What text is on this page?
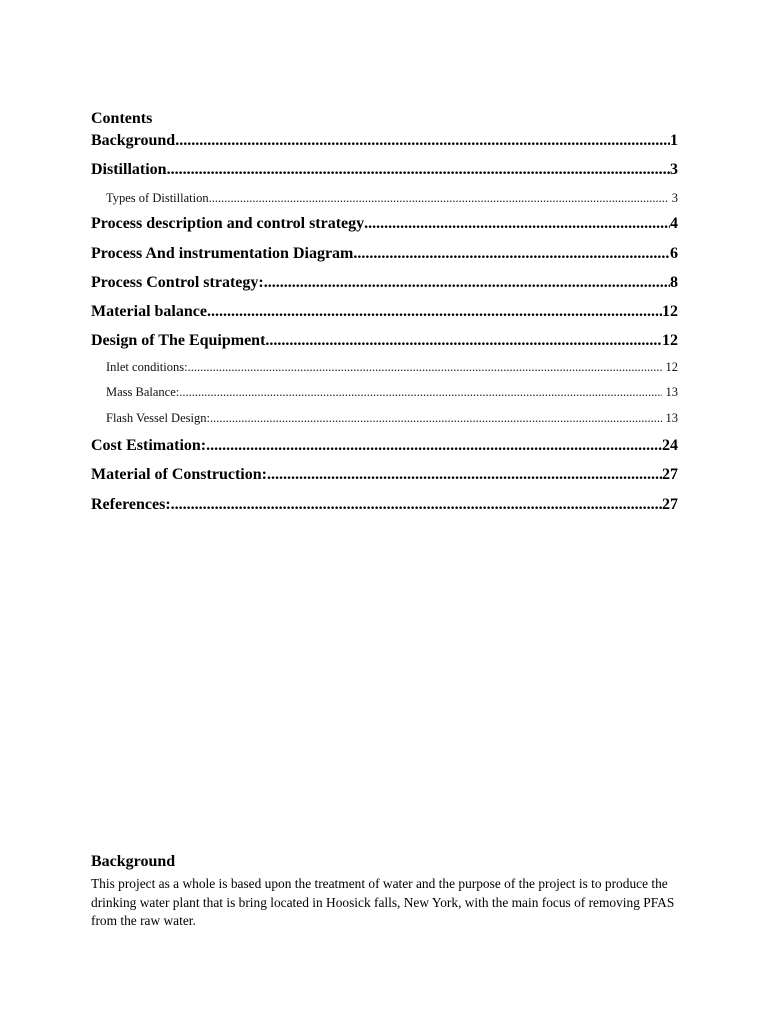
Contents
Background .....	1
Distillation .....	3
Types of Distillation .....	3
Process description and control strategy .....	4
Process And instrumentation Diagram .....	6
Process Control strategy: .....	8
Material balance .....	12
Design of The Equipment .....	12
Inlet conditions: .....	12
Mass Balance: .....	13
Flash Vessel Design: .....	13
Cost Estimation: .....	24
Material of Construction: .....	27
References: .....	27
Background
This project as a whole is based upon the treatment of water and the purpose of the project is to produce the drinking water plant that is bring located in Hoosick falls, New York, with the main focus of removing PFAS from the raw water.
